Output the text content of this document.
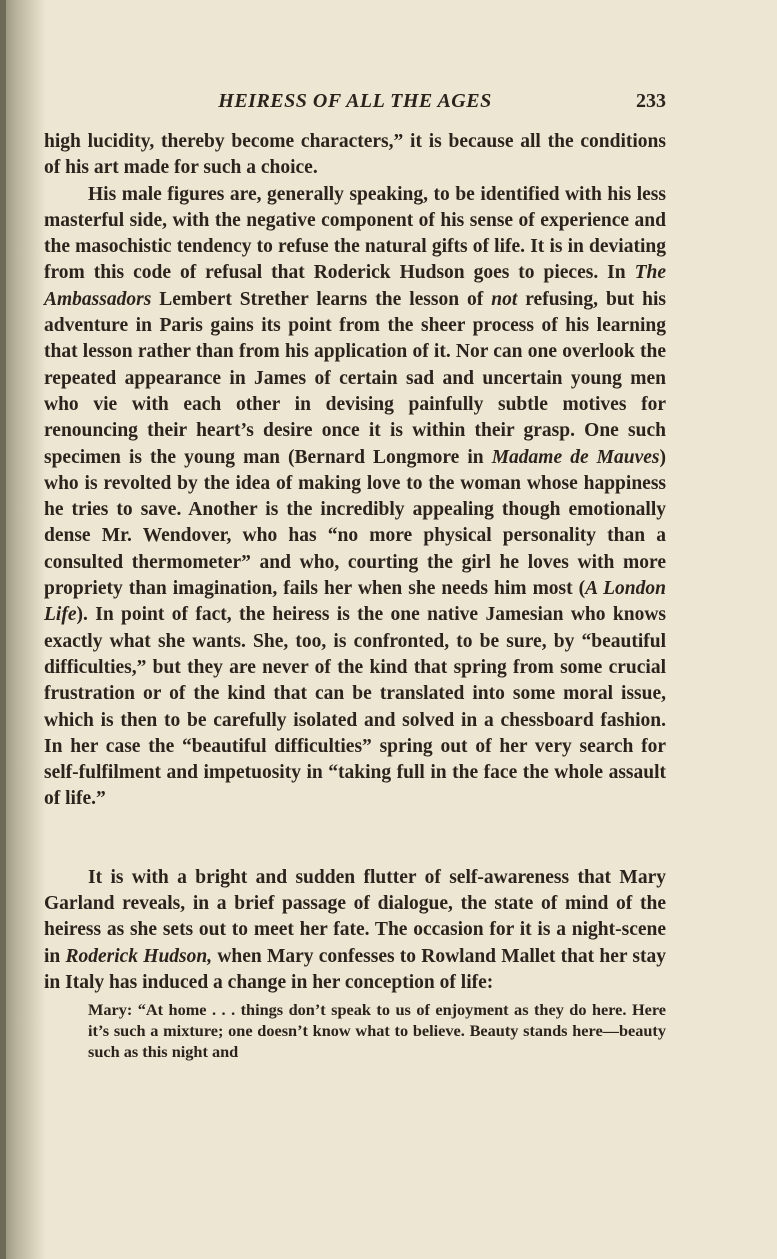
HEIRESS OF ALL THE AGES	233

high lucidity, thereby become characters,” it is because all the conditions of his art made for such a choice.

His male figures are, generally speaking, to be identified with his less masterful side, with the negative component of his sense of experience and the masochistic tendency to refuse the natural gifts of life. It is in deviating from this code of refusal that Roderick Hudson goes to pieces. In The Ambassadors Lembert Strether learns the lesson of not refusing, but his adventure in Paris gains its point from the sheer process of his learning that lesson rather than from his application of it. Nor can one overlook the repeated appearance in James of certain sad and uncertain young men who vie with each other in devising painfully subtle motives for renouncing their heart’s desire once it is within their grasp. One such specimen is the young man (Bernard Longmore in Madame de Mauves) who is revolted by the idea of making love to the woman whose happiness he tries to save. Another is the incredibly appealing though emotionally dense Mr. Wendover, who has “no more physical personality than a consulted thermometer” and who, courting the girl he loves with more propriety than imagination, fails her when she needs him most (A London Life). In point of fact, the heiress is the one native Jamesian who knows exactly what she wants. She, too, is confronted, to be sure, by “beautiful difficulties,” but they are never of the kind that spring from some crucial frustration or of the kind that can be translated into some moral issue, which is then to be carefully isolated and solved in a chessboard fashion. In her case the “beautiful difficulties” spring out of her very search for self-fulfilment and impetuosity in “taking full in the face the whole assault of life.”

It is with a bright and sudden flutter of self-awareness that Mary Garland reveals, in a brief passage of dialogue, the state of mind of the heiress as she sets out to meet her fate. The occasion for it is a night-scene in Roderick Hudson, when Mary confesses to Rowland Mallet that her stay in Italy has induced a change in her conception of life:

Mary: “At home . . . things don’t speak to us of enjoyment as they do here. Here it’s such a mixture; one doesn’t know what to believe. Beauty stands here—beauty such as this night and
